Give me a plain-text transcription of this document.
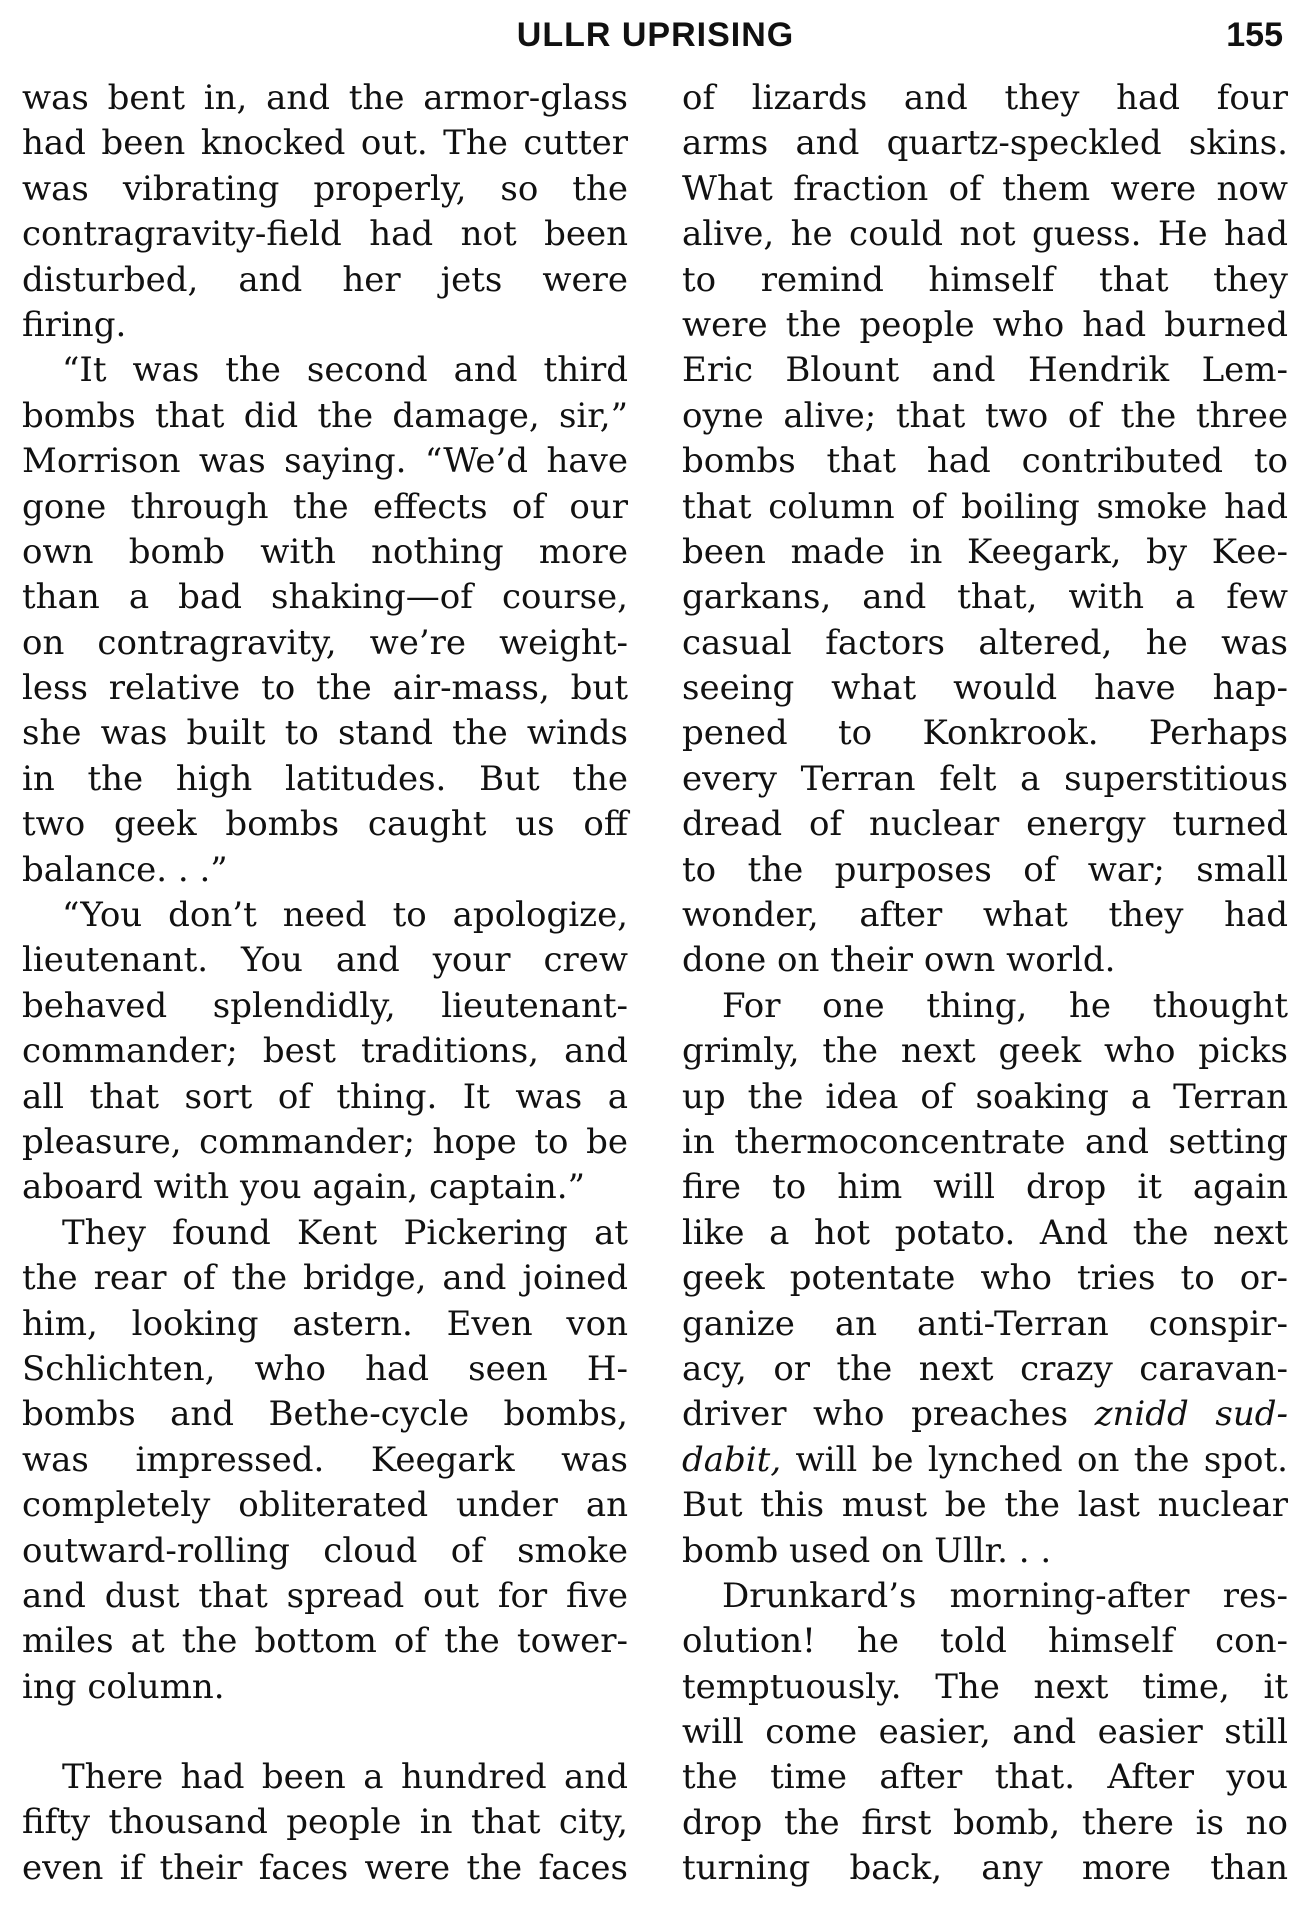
ULLR UPRISING	155
was bent in, and the armor-glass
had been knocked out. The cutter
was vibrating properly, so the
contragravity-field had not been
disturbed, and her jets were
firing.
“It was the second and third
bombs that did the damage, sir,”
Morrison was saying. “We’d have
gone through the effects of our
own bomb with nothing more
than a bad shaking—of course,
on contragravity, we’re weight-
less relative to the air-mass, but
she was built to stand the winds
in the high latitudes. But the
two geek bombs caught us off
balance. . .”
“You don’t need to apologize,
lieutenant. You and your crew
behaved splendidly, lieutenant-
commander; best traditions, and
all that sort of thing. It was a
pleasure, commander; hope to be
aboard with you again, captain.”
They found Kent Pickering at
the rear of the bridge, and joined
him, looking astern. Even von
Schlichten, who had seen H-
bombs and Bethe-cycle bombs,
was impressed. Keegark was
completely obliterated under an
outward-rolling cloud of smoke
and dust that spread out for five
miles at the bottom of the tower-
ing column.
There had been a hundred and
fifty thousand people in that city,
even if their faces were the faces
of lizards and they had four
arms and quartz-speckled skins.
What fraction of them were now
alive, he could not guess. He had
to remind himself that they
were the people who had burned
Eric Blount and Hendrik Lem-
oyne alive; that two of the three
bombs that had contributed to
that column of boiling smoke had
been made in Keegark, by Kee-
garkans, and that, with a few
casual factors altered, he was
seeing what would have hap-
pened to Konkrook. Perhaps
every Terran felt a superstitious
dread of nuclear energy turned
to the purposes of war; small
wonder, after what they had
done on their own world.
For one thing, he thought
grimly, the next geek who picks
up the idea of soaking a Terran
in thermoconcentrate and setting
fire to him will drop it again
like a hot potato. And the next
geek potentate who tries to or-
ganize an anti-Terran conspir-
acy, or the next crazy caravan-
driver who preaches znidd sud-
dabit, will be lynched on the spot.
But this must be the last nuclear
bomb used on Ullr. . .
Drunkard’s morning-after res-
olution! he told himself con-
temptuously. The next time, it
will come easier, and easier still
the time after that. After you
drop the first bomb, there is no
turning back, any more than
